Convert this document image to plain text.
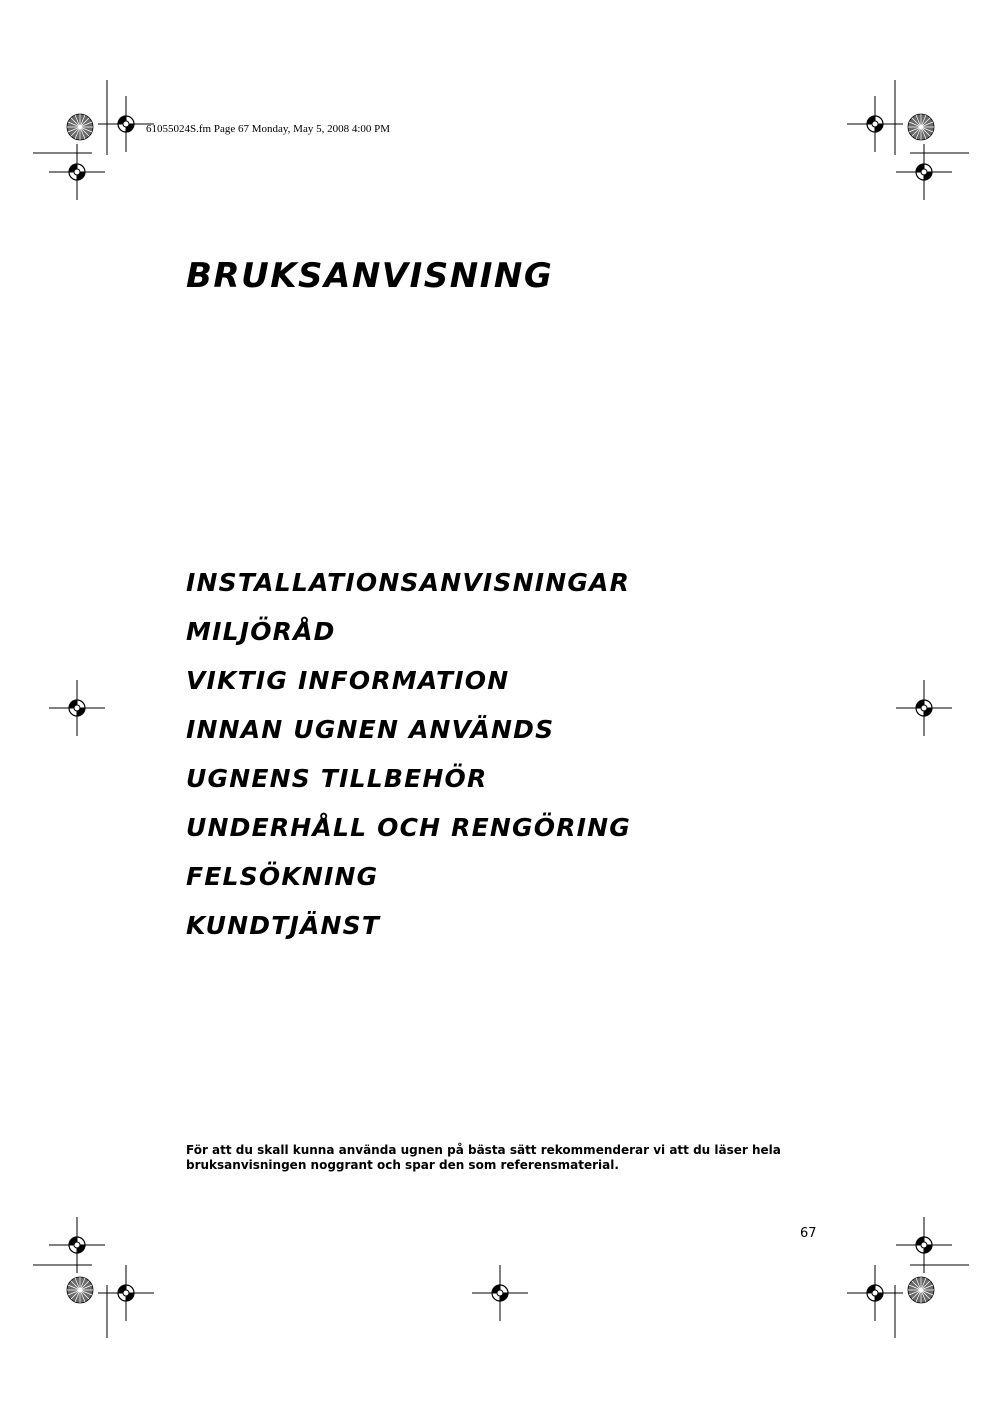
61055024S.fm Page 67 Monday, May 5, 2008 4:00 PM
BRUKSANVISNING
INSTALLATIONSANVISNINGAR
MILJÖRÅD
VIKTIG INFORMATION
INNAN UGNEN ANVÄNDS
UGNENS TILLBEHÖR
UNDERHÅLL OCH RENGÖRING
FELSÖKNING
KUNDTJÄNST

För att du skall kunna använda ugnen på bästa sätt rekommenderar vi att du läser hela bruksanvisningen noggrant och spar den som referensmaterial.

67
